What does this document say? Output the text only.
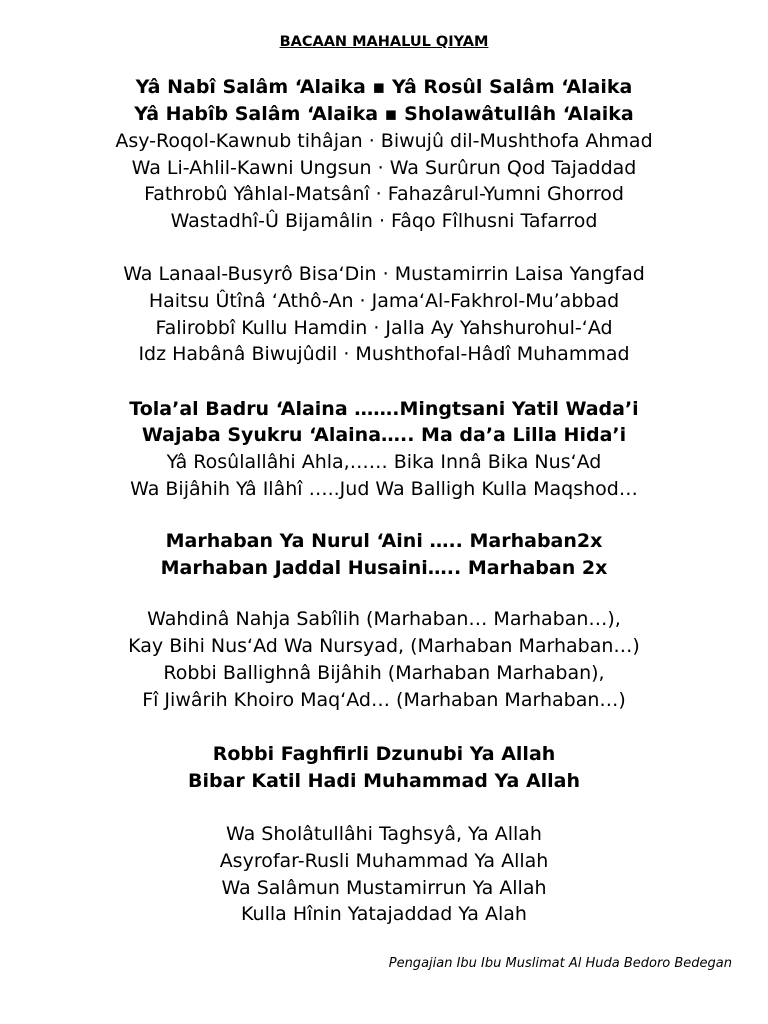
BACAAN MAHALUL QIYAM
Yâ Nabî Salâm ‘Alaika ▪ Yâ Rosûl Salâm ‘Alaika
Yâ Habîb Salâm ‘Alaika ▪ Sholawâtullâh ‘Alaika
Asy-Roqol-Kawnub tihâjan · Biwujû dil-Mushthofa Ahmad
Wa Li-Ahlil-Kawni Ungsun · Wa Surûrun Qod Tajaddad
Fathrobû Yâhlal-Matsânî · Fahazârul-Yumni Ghorrod
Wastadhî-Û Bijamâlin · Fâqo Fîlhusni Tafarrod
Wa Lanaal-Busyrô Bisa‘Din · Mustamirrin Laisa Yangfad
Haitsu Ûtînâ ‘Athô-An · Jama‘Al-Fakhrol-Mu’abbad
Falirobbî Kullu Hamdin · Jalla Ay Yahshurohul-‘Ad
Idz Habânâ Biwujûdil · Mushthofal-Hâdî Muhammad
Tola’al Badru ‘Alaina …….Mingtsani Yatil Wada’i
Wajaba Syukru ‘Alaina….. Ma da’a Lilla Hida’i
Yâ Rosûlallâhi Ahla,…… Bika Innâ Bika Nus‘Ad
Wa Bijâhih Yâ Ilâhî …..Jud Wa Balligh Kulla Maqshod…
Marhaban Ya Nurul ‘Aini ….. Marhaban2x
Marhaban Jaddal Husaini….. Marhaban 2x
Wahdinâ Nahja Sabîlih (Marhaban… Marhaban…),
Kay Bihi Nus‘Ad Wa Nursyad, (Marhaban Marhaban…)
Robbi Ballighnâ Bijâhih (Marhaban Marhaban),
Fî Jiwârih Khoiro Maq‘Ad… (Marhaban Marhaban…)
Robbi Faghfirli Dzunubi Ya Allah
Bibar Katil Hadi Muhammad Ya Allah
Wa Sholâtullâhi Taghsyâ, Ya Allah
Asyrofar-Rusli Muhammad Ya Allah
Wa Salâmun Mustamirrun Ya Allah
Kulla Hînin Yatajaddad Ya Alah
Pengajian Ibu Ibu Muslimat Al Huda Bedoro Bedegan
